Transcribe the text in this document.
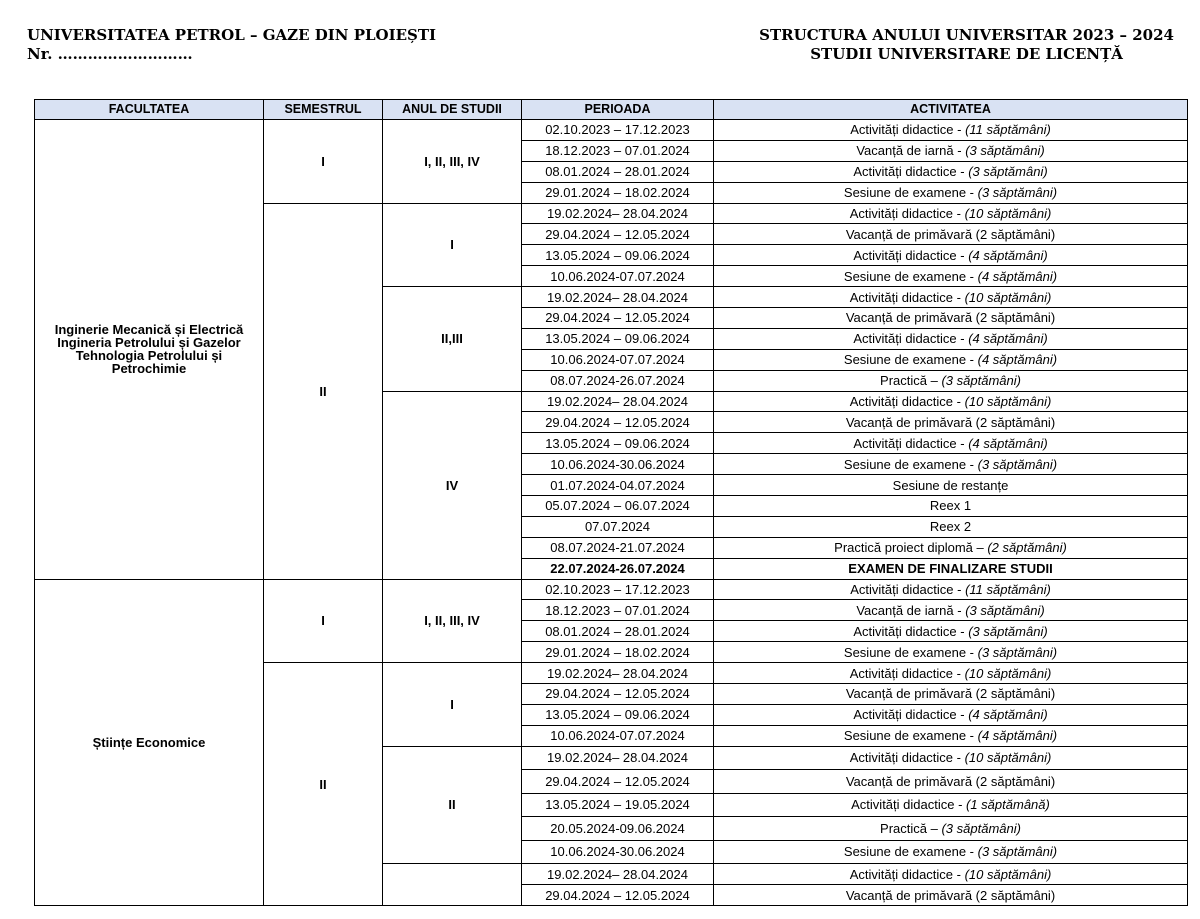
UNIVERSITATEA PETROL – GAZE DIN PLOIEȘTI
Nr. ………………………
STRUCTURA ANULUI UNIVERSITAR 2023 – 2024
STUDII UNIVERSITARE DE LICENȚĂ
FACULTATEA	SEMESTRUL	ANUL DE STUDII	PERIOADA	ACTIVITATEA

Inginerie Mecanică și Electrică
Ingineria Petrolului și Gazelor
Tehnologia Petrolului și
Petrochimie	I	I, II, III, IV	02.10.2023 – 17.12.2023	Activități didactice - (11 săptămâni)
			18.12.2023 – 07.01.2024	Vacanță de iarnă - (3 săptămâni)
			08.01.2024 – 28.01.2024	Activități didactice - (3 săptămâni)
			29.01.2024 – 18.02.2024	Sesiune de examene - (3 săptămâni)
	II	I	19.02.2024– 28.04.2024	Activități didactice - (10 săptămâni)
			29.04.2024 – 12.05.2024	Vacanță de primăvară (2 săptămâni)
			13.05.2024 – 09.06.2024	Activități didactice - (4 săptămâni)
			10.06.2024-07.07.2024	Sesiune de examene - (4 săptămâni)
		II,III	19.02.2024– 28.04.2024	Activități didactice - (10 săptămâni)
			29.04.2024 – 12.05.2024	Vacanță de primăvară (2 săptămâni)
			13.05.2024 – 09.06.2024	Activități didactice - (4 săptămâni)
			10.06.2024-07.07.2024	Sesiune de examene - (4 săptămâni)
			08.07.2024-26.07.2024	Practică – (3 săptămâni)
		IV	19.02.2024– 28.04.2024	Activități didactice - (10 săptămâni)
			29.04.2024 – 12.05.2024	Vacanță de primăvară (2 săptămâni)
			13.05.2024 – 09.06.2024	Activități didactice - (4 săptămâni)
			10.06.2024-30.06.2024	Sesiune de examene - (3 săptămâni)
			01.07.2024-04.07.2024	Sesiune de restanțe
			05.07.2024 – 06.07.2024	Reex 1
			07.07.2024	Reex 2
			08.07.2024-21.07.2024	Practică proiect diplomă – (2 săptămâni)
			22.07.2024-26.07.2024	EXAMEN DE FINALIZARE STUDII
Științe Economice	I	I, II, III, IV	02.10.2023 – 17.12.2023	Activități didactice - (11 săptămâni)
			18.12.2023 – 07.01.2024	Vacanță de iarnă - (3 săptămâni)
			08.01.2024 – 28.01.2024	Activități didactice - (3 săptămâni)
			29.01.2024 – 18.02.2024	Sesiune de examene - (3 săptămâni)
	II	I	19.02.2024– 28.04.2024	Activități didactice - (10 săptămâni)
			29.04.2024 – 12.05.2024	Vacanță de primăvară (2 săptămâni)
			13.05.2024 – 09.06.2024	Activități didactice - (4 săptămâni)
			10.06.2024-07.07.2024	Sesiune de examene - (4 săptămâni)
		II	19.02.2024– 28.04.2024	Activități didactice - (10 săptămâni)
			29.04.2024 – 12.05.2024	Vacanță de primăvară (2 săptămâni)
			13.05.2024 – 19.05.2024	Activități didactice - (1 săptămână)
			20.05.2024-09.06.2024	Practică – (3 săptămâni)
			10.06.2024-30.06.2024	Sesiune de examene - (3 săptămâni)
			19.02.2024– 28.04.2024	Activități didactice - (10 săptămâni)
			29.04.2024 – 12.05.2024	Vacanță de primăvară (2 săptămâni)
